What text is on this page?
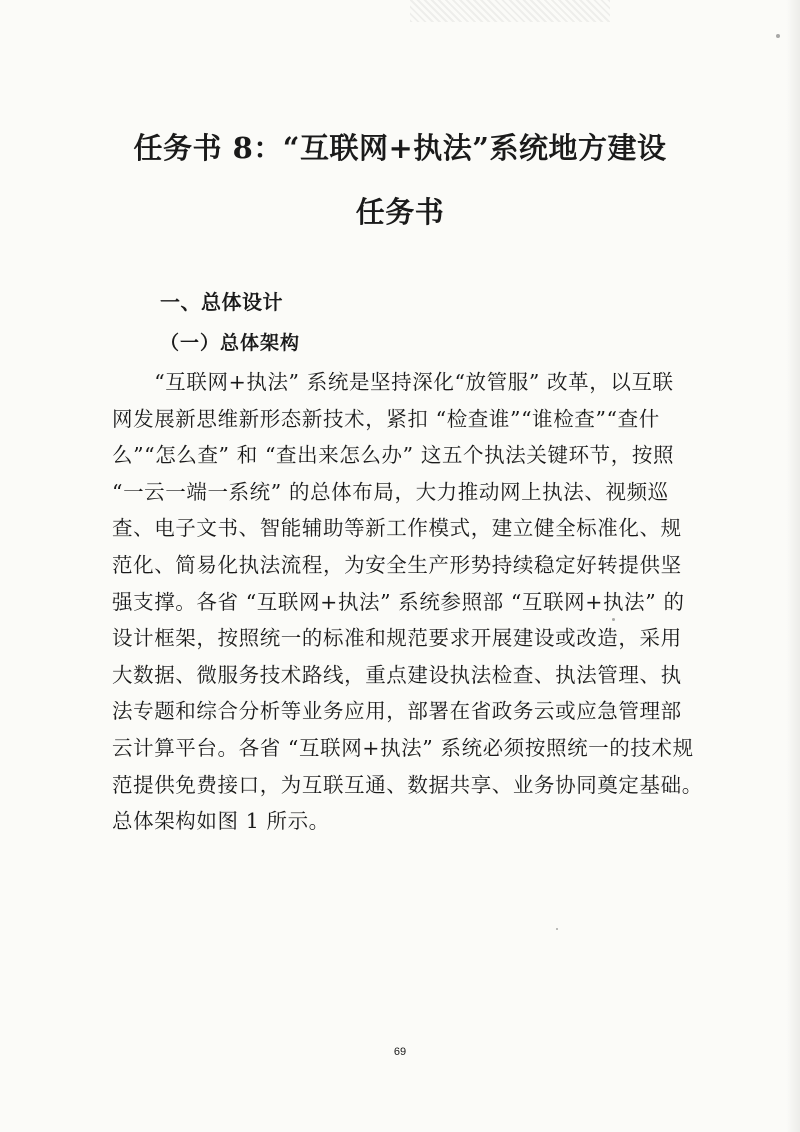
任务书 8：“互联网+执法”系统地方建设
任务书
一、总体设计
（一）总体架构
　　“互联网+执法” 系统是坚持深化“放管服” 改革，以互联
网发展新思维新形态新技术，紧扣 “检查谁”“谁检查”“查什
么”“怎么查” 和 “查出来怎么办” 这五个执法关键环节，按照
“一云一端一系统” 的总体布局，大力推动网上执法、视频巡
查、电子文书、智能辅助等新工作模式，建立健全标准化、规
范化、简易化执法流程，为安全生产形势持续稳定好转提供坚
强支撑。各省 “互联网+执法” 系统参照部 “互联网+执法” 的
设计框架，按照统一的标准和规范要求开展建设或改造，采用
大数据、微服务技术路线，重点建设执法检查、执法管理、执
法专题和综合分析等业务应用，部署在省政务云或应急管理部
云计算平台。各省 “互联网+执法” 系统必须按照统一的技术规
范提供免费接口，为互联互通、数据共享、业务协同奠定基础。
总体架构如图 1 所示。

69
